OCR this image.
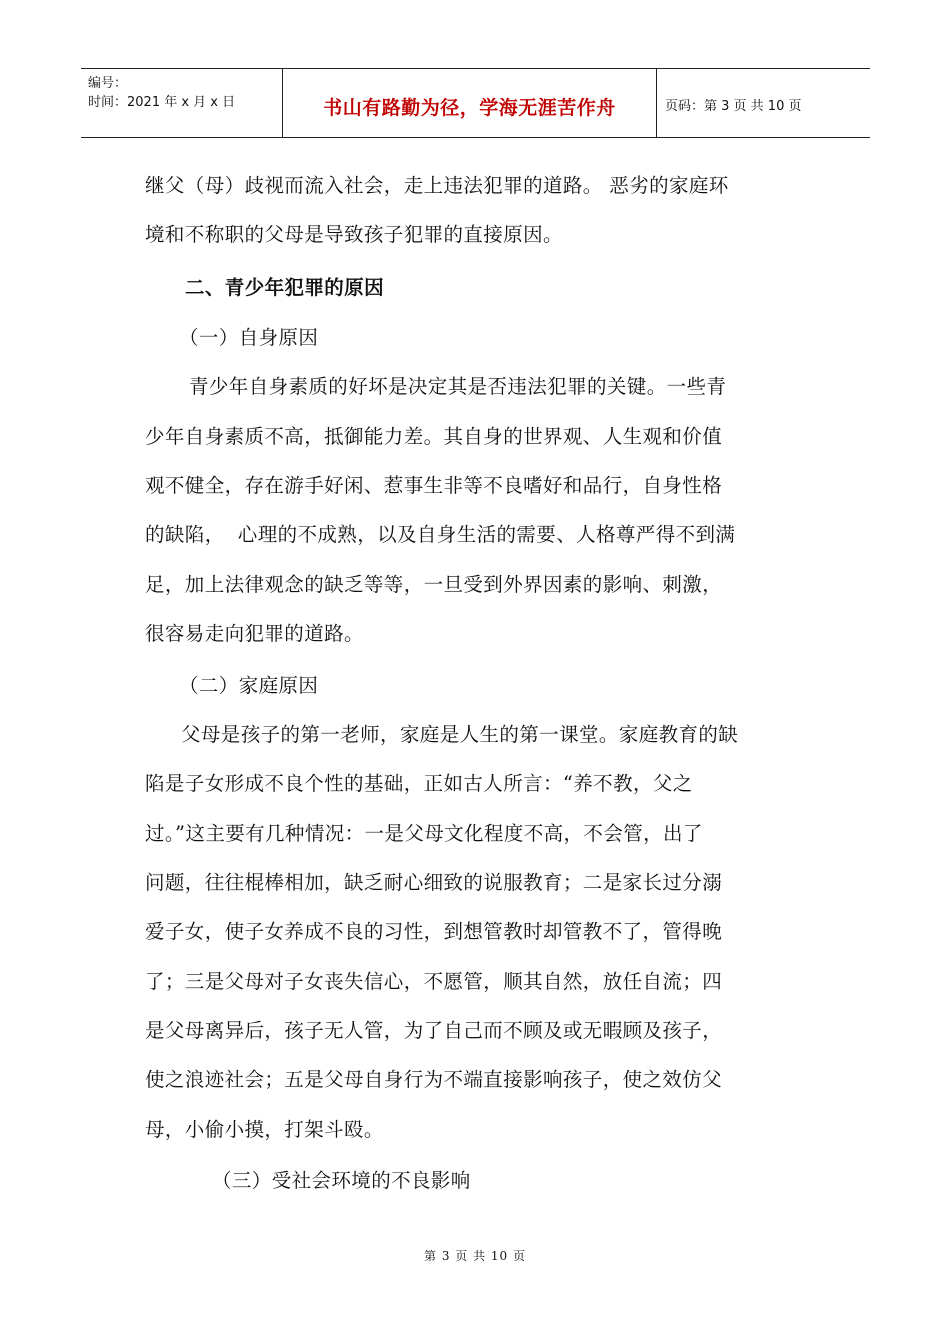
编号：
时间：2021 年 x 月 x 日	书山有路勤为径，学海无涯苦作舟	页码：第 3 页 共 10 页
继父（母）歧视而流入社会，走上违法犯罪的道路。 恶劣的家庭环
境和不称职的父母是导致孩子犯罪的直接原因。
二、青少年犯罪的原因
（一）自身原因
青少年自身素质的好坏是决定其是否违法犯罪的关键。一些青
少年自身素质不高，抵御能力差。其自身的世界观、人生观和价值
观不健全，存在游手好闲、惹事生非等不良嗜好和品行，自身性格
的缺陷，  心理的不成熟，以及自身生活的需要、人格尊严得不到满
足，加上法律观念的缺乏等等，一旦受到外界因素的影响、刺激，
很容易走向犯罪的道路。
（二）家庭原因
父母是孩子的第一老师，家庭是人生的第一课堂。家庭教育的缺
陷是子女形成不良个性的基础，正如古人所言：“养不教，父之
过。”这主要有几种情况：一是父母文化程度不高，不会管，出了
问题，往往棍棒相加，缺乏耐心细致的说服教育；二是家长过分溺
爱子女，使子女养成不良的习性，到想管教时却管教不了，管得晚
了；三是父母对子女丧失信心，不愿管，顺其自然，放任自流；四
是父母离异后，孩子无人管，为了自己而不顾及或无暇顾及孩子，
使之浪迹社会；五是父母自身行为不端直接影响孩子，使之效仿父
母，小偷小摸，打架斗殴。
（三）受社会环境的不良影响
第 3 页 共 10 页
